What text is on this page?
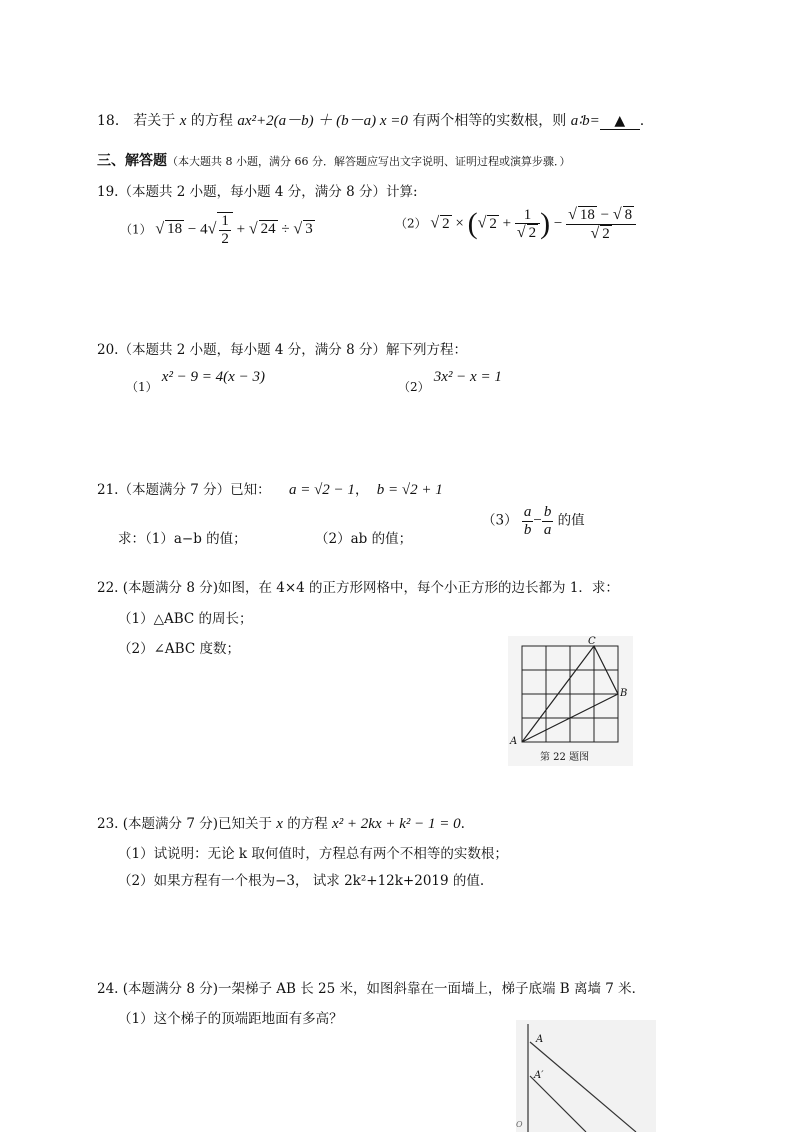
18． 若关于 x 的方程 ax²+2(a－b) ＋ (b－a) x =0 有两个相等的实数根，则 a∶b= ▲ .
三、解答题（本大题共 8 小题，满分 66 分．解答题应写出文字说明、证明过程或演算步骤．）
19.（本题共 2 小题，每小题 4 分，满分 8 分）计算:
（1） √ $18 - 4√ \frac{1}{2}$ + √ 24 ÷ √ 3	（2） √ 2 × (√ $2 + \frac{1}{√ 2}$ ) − $\frac{√ 18 - √ 8}{√ 2}$
20.（本题共 2 小题，每小题 4 分，满分 8 分）解下列方程：
（1） x² − 9 = 4(x − 3)
（2） 3x² − x = 1
21.（本题满分 7 分）已知： a = √2 − 1， b = √2 + 1
求：（1）a−b 的值；	（2）ab 的值；
$(3) \frac{a}{b} - \frac{b}{a}$ 的值
22. (本题满分 8 分)如图，在 4×4 的正方形网格中，每个小正方形的边长都为 1．求：
（1）△ABC 的周长；
（2）∠ABC 度数；
A
B
C
第 22 题图
23. (本题满分 7 分)已知关于 x 的方程 x² + 2kx + k² − 1 = 0.
（1）试说明：无论 k 取何值时，方程总有两个不相等的实数根；
（2）如果方程有一个根为−3， 试求 2k²+12k+2019 的值.
24. (本题满分 8 分)一架梯子 AB 长 25 米，如图斜靠在一面墙上，梯子底端 B 离墙 7 米．
（1）这个梯子的顶端距地面有多高？
A
A′
O
